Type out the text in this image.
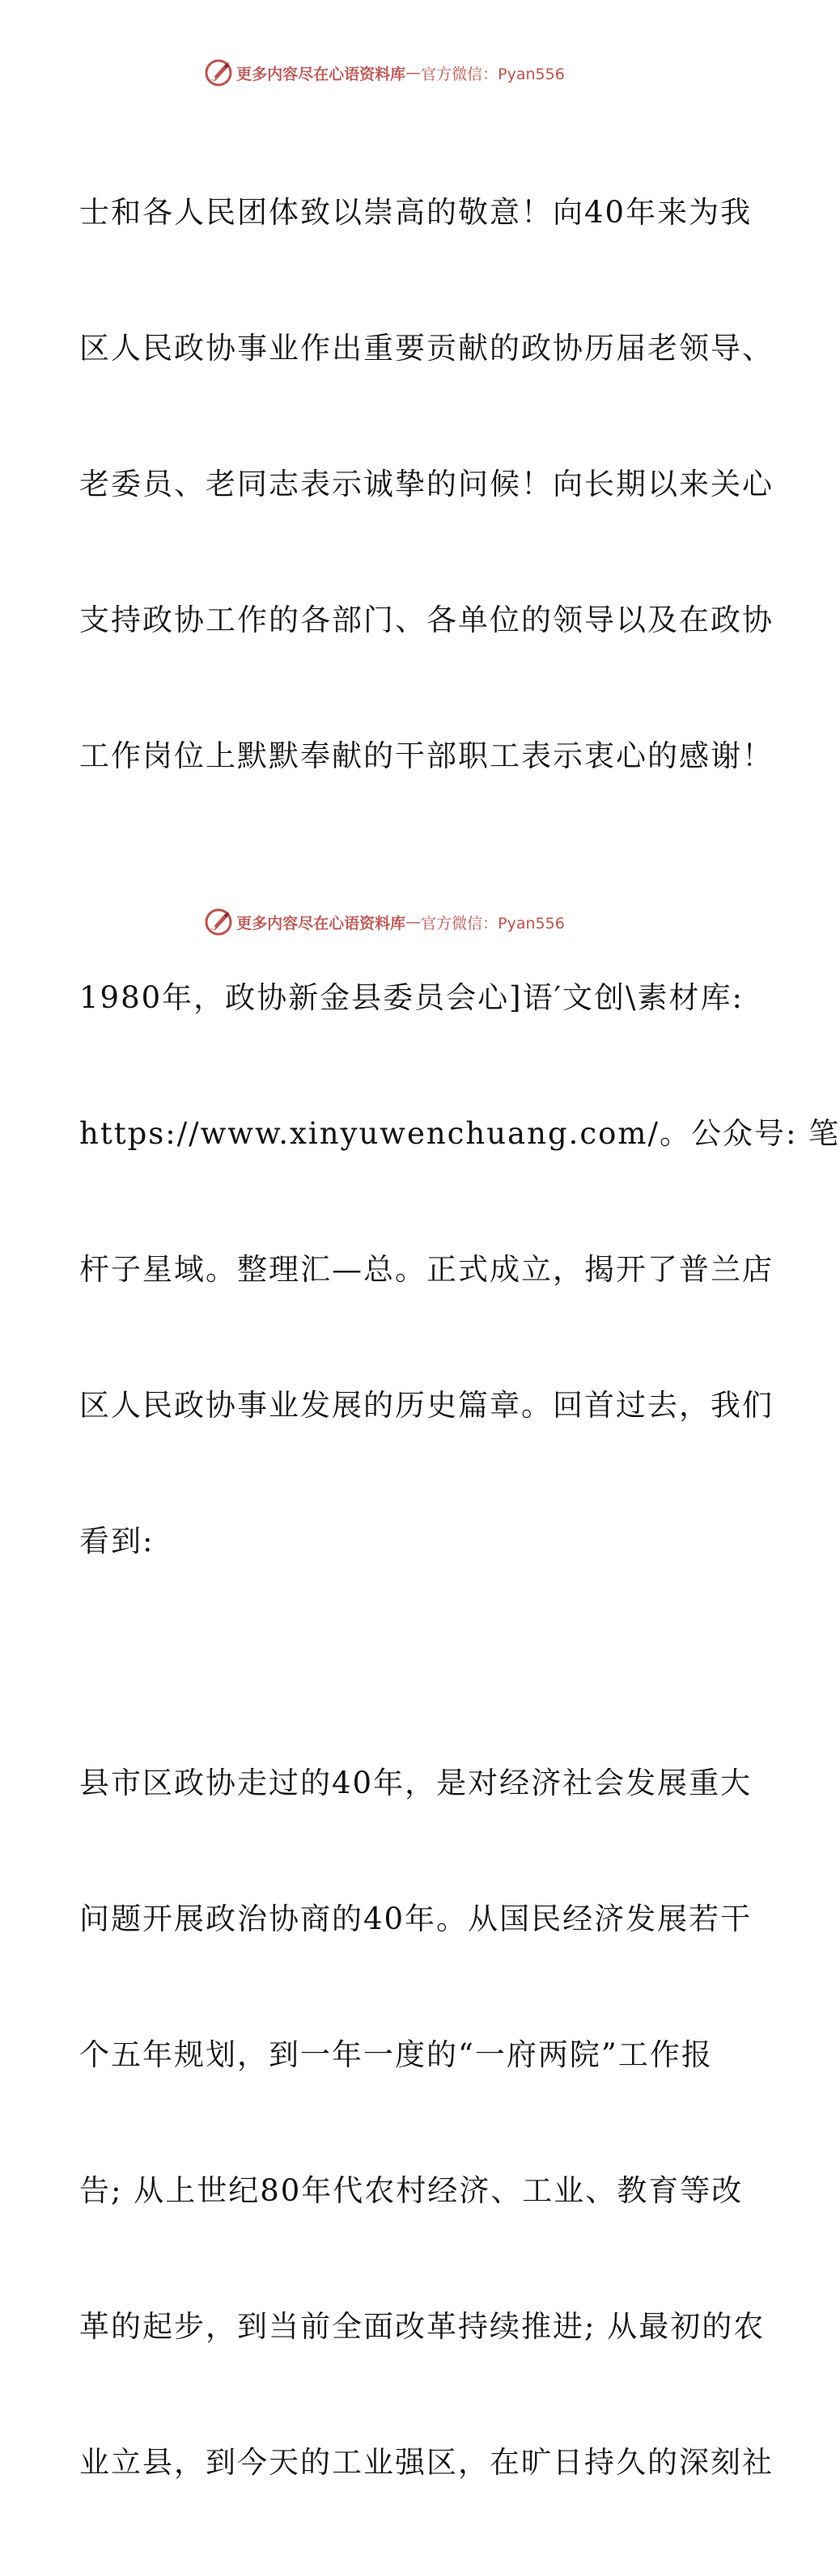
更多内容尽在心语资料库 — 官方微信：Pyan556

士和各人民团体致以崇高的敬意！向40年来为我

区人民政协事业作出重要贡献的政协历届老领导、

老委员、老同志表示诚挚的问候！向长期以来关心

支持政协工作的各部门、各单位的领导以及在政协

工作岗位上默默奉献的干部职工表示衷心的感谢！

1980年，政协新金县委员会心]语′文创\素材库:

https://www.xinyuwenchuang.com/。公众号: 笔

杆子星域。整理汇—总。正式成立，揭开了普兰店

区人民政协事业发展的历史篇章。回首过去，我们

看到:

县市区政协走过的40年，是对经济社会发展重大

问题开展政治协商的40年。从国民经济发展若干

个五年规划，到一年一度的“一府两院”工作报

告; 从上世纪80年代农村经济、工业、教育等改

革的起步，到当前全面改革持续推进; 从最初的农

业立县，到今天的工业强区，在旷日持久的深刻社

更多内容尽在心语资料库 — 官方微信：Pyan556
